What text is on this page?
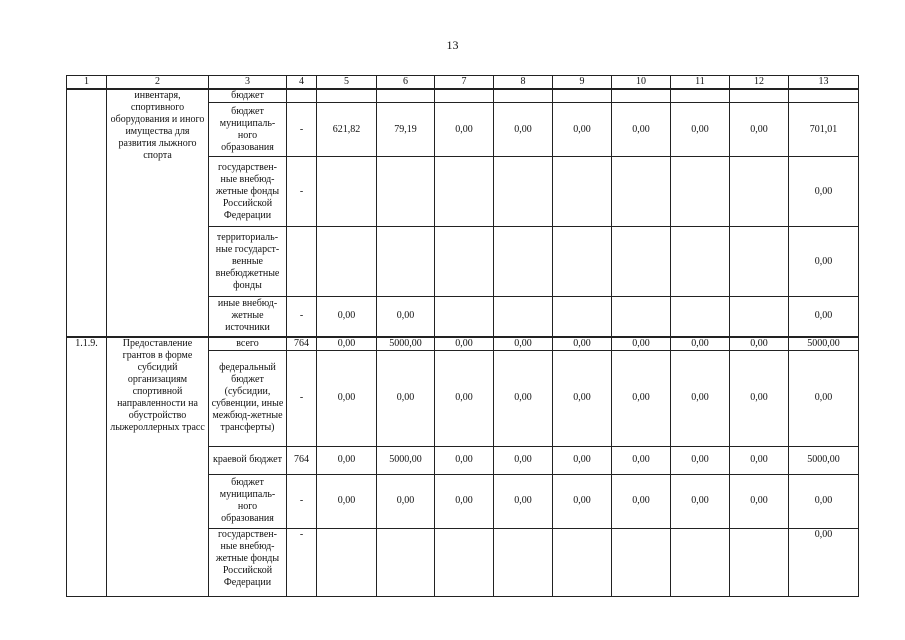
13
1	2	3	4	5	6	7	8	9	10	11	12	13
	инвентаря, спортивного оборудования и иного имущества для развития лыжного спорта	бюджет										
		бюджет муниципаль-ного образования	-	621,82	79,19	0,00	0,00	0,00	0,00	0,00	0,00	701,01
		государствен-ные внебюд-жетные фонды Российской Федерации	-									0,00
		территориаль-ные государст-венные внебюджетные фонды										0,00
		иные внебюд-жетные источники	-	0,00	0,00							0,00
1.1.9.	Предоставление грантов в форме субсидий организациям спортивной направленности на обустройство лыжероллерных трасс	всего	764	0,00	5000,00	0,00	0,00	0,00	0,00	0,00	0,00	5000,00
		федеральный бюджет (субсидии, субвенции, иные межбюд-жетные трансферты)	-	0,00	0,00	0,00	0,00	0,00	0,00	0,00	0,00	0,00
		краевой бюджет	764	0,00	5000,00	0,00	0,00	0,00	0,00	0,00	0,00	5000,00
		бюджет муниципаль-ного образования	-	0,00	0,00	0,00	0,00	0,00	0,00	0,00	0,00	0,00
		государствен-ные внебюд-жетные фонды Российской Федерации	-									0,00
